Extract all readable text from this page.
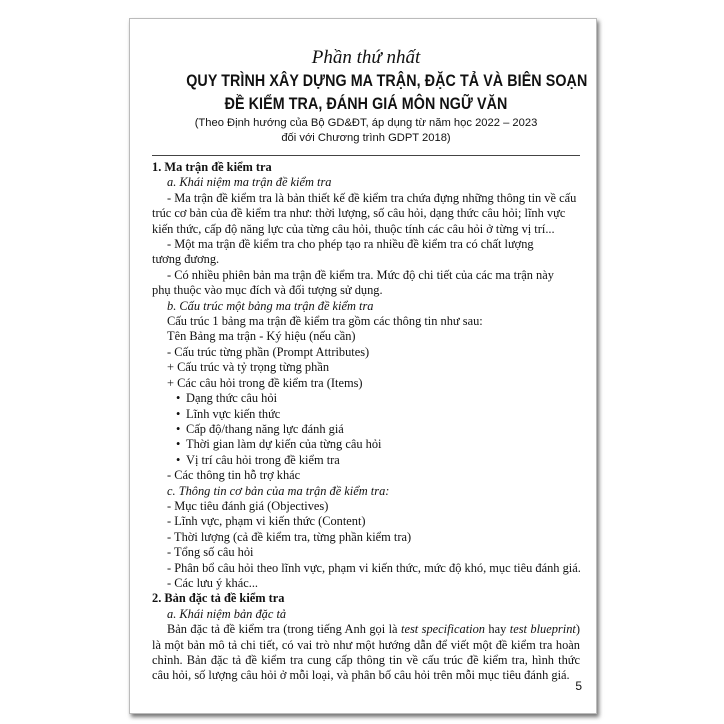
Phần thứ nhất
QUY TRÌNH XÂY DỰNG MA TRẬN, ĐẶC TẢ VÀ BIÊN SOẠN
ĐỀ KIỂM TRA, ĐÁNH GIÁ MÔN NGỮ VĂN
(Theo Định hướng của Bộ GD&ĐT, áp dụng từ năm học 2022 – 2023
đối với Chương trình GDPT 2018)
1. Ma trận đề kiểm tra
a. Khái niệm ma trận đề kiểm tra
- Ma trận đề kiểm tra là bản thiết kế đề kiểm tra chứa đựng những thông tin về cấu
trúc cơ bản của đề kiểm tra như: thời lượng, số câu hỏi, dạng thức câu hỏi; lĩnh vực
kiến thức, cấp độ năng lực của từng câu hỏi, thuộc tính các câu hỏi ở từng vị trí...
- Một ma trận đề kiểm tra cho phép tạo ra nhiều đề kiểm tra có chất lượng
tương đương.
- Có nhiều phiên bản ma trận đề kiểm tra. Mức độ chi tiết của các ma trận này
phụ thuộc vào mục đích và đối tượng sử dụng.
b. Cấu trúc một bảng ma trận đề kiểm tra
Cấu trúc 1 bảng ma trận đề kiểm tra gồm các thông tin như sau:
Tên Bảng ma trận - Ký hiệu (nếu cần)
- Cấu trúc từng phần (Prompt Attributes)
+ Cấu trúc và tỷ trọng từng phần
+ Các câu hỏi trong đề kiểm tra (Items)
• Dạng thức câu hỏi
• Lĩnh vực kiến thức
• Cấp độ/thang năng lực đánh giá
• Thời gian làm dự kiến của từng câu hỏi
• Vị trí câu hỏi trong đề kiểm tra
- Các thông tin hỗ trợ khác
c. Thông tin cơ bản của ma trận đề kiểm tra:
- Mục tiêu đánh giá (Objectives)
- Lĩnh vực, phạm vi kiến thức (Content)
- Thời lượng (cả đề kiểm tra, từng phần kiểm tra)
- Tổng số câu hỏi
- Phân bổ câu hỏi theo lĩnh vực, phạm vi kiến thức, mức độ khó, mục tiêu đánh giá.
- Các lưu ý khác...
2. Bản đặc tả đề kiểm tra
a. Khái niệm bản đặc tả

Bản đặc tả đề kiểm tra (trong tiếng Anh gọi là test specification hay test blueprint) là một bản mô tả chi tiết, có vai trò như một hướng dẫn để viết một đề kiểm tra hoàn chỉnh. Bản đặc tả đề kiểm tra cung cấp thông tin về cấu trúc đề kiểm tra, hình thức câu hỏi, số lượng câu hỏi ở mỗi loại, và phân bố câu hỏi trên mỗi mục tiêu đánh giá.

5
